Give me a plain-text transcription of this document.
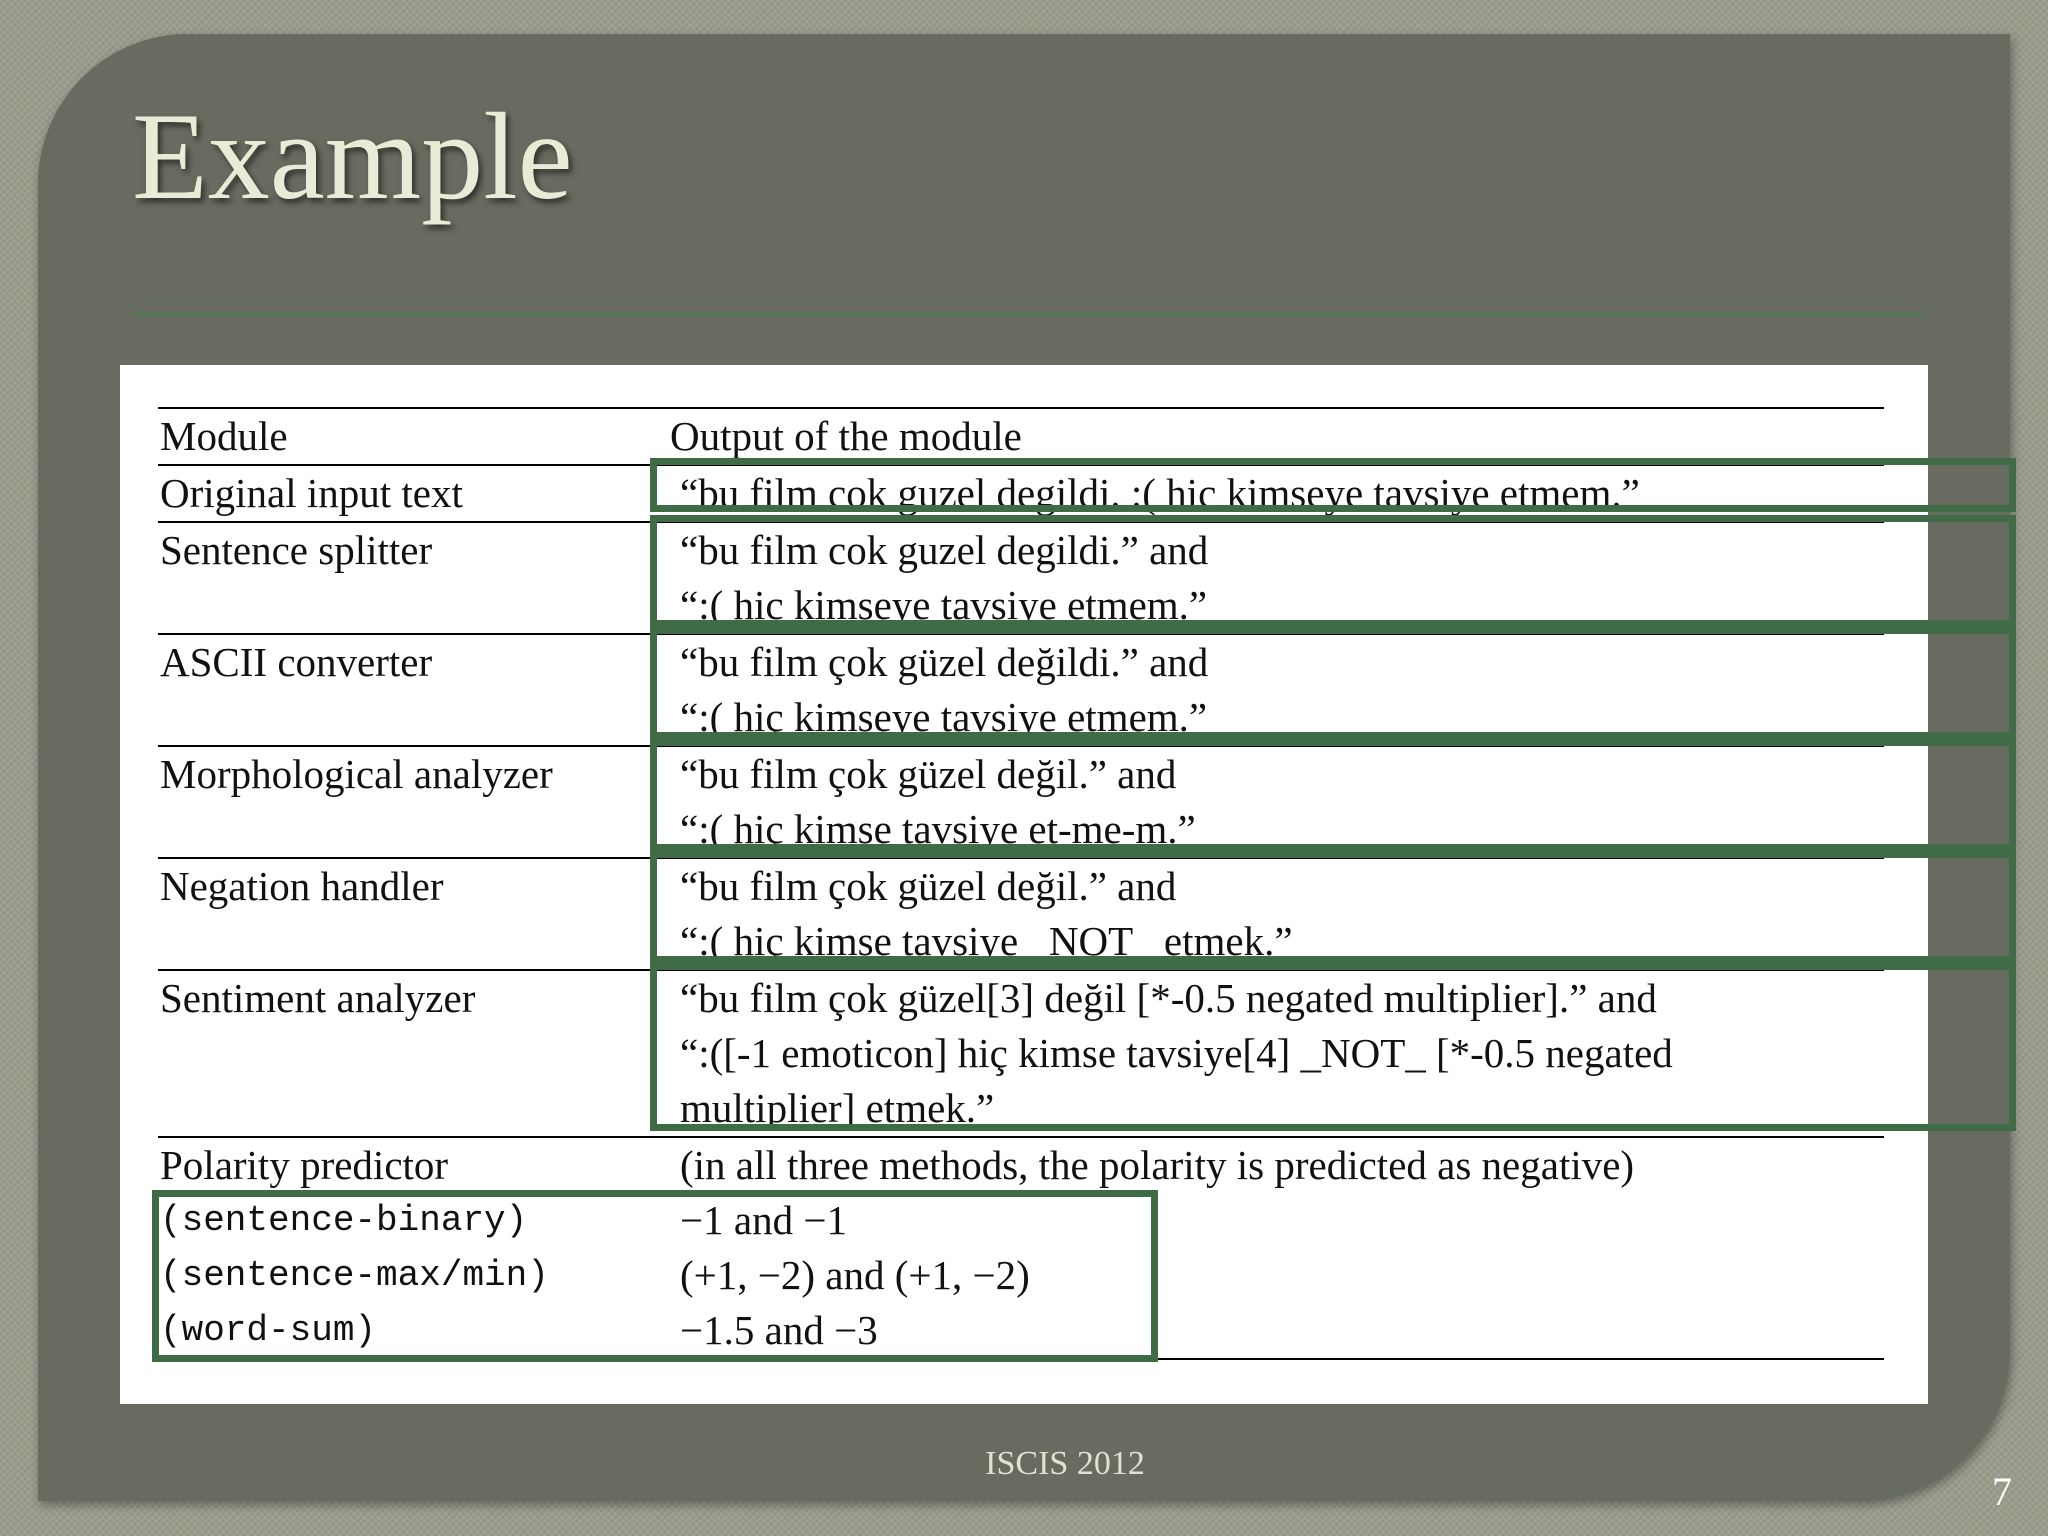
Example
Module	Output of the module
Original input text	“bu film cok guzel degildi. :( hic kimseye tavsiye etmem.”

Sentence splitter	“bu film cok guzel degildi.” and
“:( hic kimseye tavsiye etmem.”

ASCII converter	“bu film çok güzel değildi.” and
“:( hiç kimseye tavsiye etmem.”

Morphological analyzer	“bu film çok güzel değil.” and
“:( hiç kimse tavsiye et-me-m.”

Negation handler	“bu film çok güzel değil.” and
“:( hiç kimse tavsiye _NOT_ etmek.”

Sentiment analyzer	“bu film çok güzel[3] değil [*-0.5 negated multiplier].” and
“:([-1 emoticon] hiç kimse tavsiye[4] _NOT_ [*-0.5 negated
multiplier] etmek.”

Polarity predictor	(in all three methods, the polarity is predicted as negative)
(sentence-binary)	−1 and −1
(sentence-max/min)	(+1, −2) and (+1, −2)
(word-sum)	−1.5 and −3
ISCIS 2012
7
